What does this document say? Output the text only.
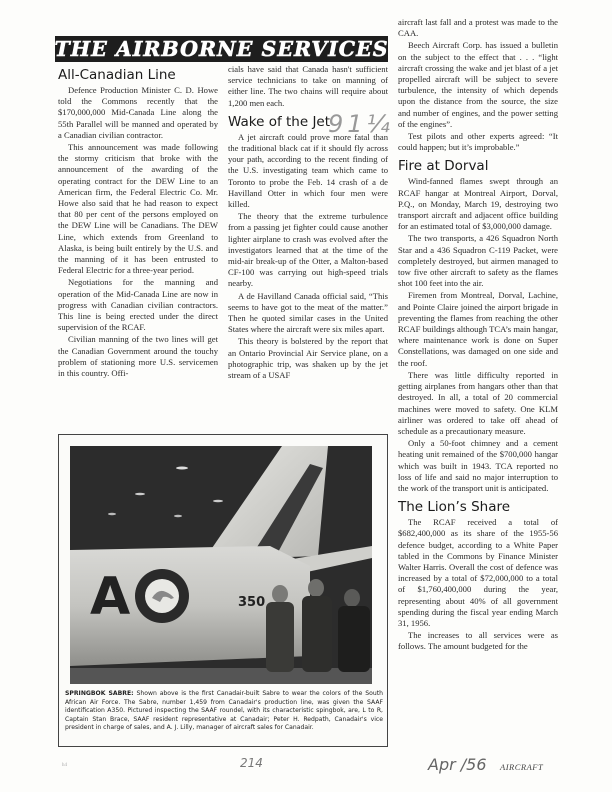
THE AIRBORNE SERVICES
All-Canadian Line

Defence Production Minister C. D. Howe told the Commons recently that the $170,000,000 Mid-Canada Line along the 55th Parallel will be manned and operated by a Canadian civilian contractor.

This announcement was made following the stormy criticism that broke with the announcement of the awarding of the operating contract for the DEW Line to an American firm, the Federal Electric Co. Mr. Howe also said that he had reason to expect that 80 per cent of the persons employed on the DEW Line will be Canadians. The DEW Line, which extends from Greenland to Alaska, is being built entirely by the U.S. and the manning of it has been entrusted to Federal Electric for a three-year period.

Negotiations for the manning and operation of the Mid-Canada Line are now in progress with Canadian civilian contractors. This line is being erected under the direct supervision of the RCAF.

Civilian manning of the two lines will get the Canadian Government around the touchy problem of stationing more U.S. servicemen in this country. Offi-

cials have said that Canada hasn't sufficient service technicians to take on manning of either line. The two chains will require about 1,200 men each.

Wake of the Jet

A jet aircraft could prove more fatal than the traditional black cat if it should fly across your path, according to the recent finding of the U.S. investigating team which came to Toronto to probe the Feb. 14 crash of a de Havilland Otter in which four men were killed.

The theory that the extreme turbulence from a passing jet fighter could cause another lighter airplane to crash was evolved after the investigators learned that at the time of the mid-air break-up of the Otter, a Malton-based CF-100 was carrying out high-speed trials nearby.

A de Havilland Canada official said, “This seems to have got to the meat of the matter.” Then he quoted similar cases in the United States where the aircraft were six miles apart.

This theory is bolstered by the report that an Ontario Provincial Air Service plane, on a photographic trip, was shaken up by the jet stream of a USAF

aircraft last fall and a protest was made to the CAA.

Beech Aircraft Corp. has issued a bulletin on the subject to the effect that . . . “light aircraft crossing the wake and jet blast of a jet propelled aircraft will be subject to severe turbulence, the intensity of which depends upon the distance from the source, the size and number of engines, and the power setting of the engines”.

Test pilots and other experts agreed: “It could happen; but it’s improbable.”

Fire at Dorval

Wind-fanned flames swept through an RCAF hangar at Montreal Airport, Dorval, P.Q., on Monday, March 19, destroying two transport aircraft and adjacent office building for an estimated total of $3,000,000 damage.

The two transports, a 426 Squadron North Star and a 436 Squadron C-119 Packet, were completely destroyed, but airmen managed to tow five other aircraft to safety as the flames shot 100 feet into the air.

Firemen from Montreal, Dorval, Lachine, and Pointe Claire joined the airport brigade in preventing the flames from reaching the other RCAF buildings although TCA’s main hangar, where maintenance work is done on Super Constellations, was damaged on one side and the roof.

There was little difficulty reported in getting airplanes from hangars other than that destroyed. In all, a total of 20 commercial machines were moved to safety. One KLM airliner was ordered to take off ahead of schedule as a precautionary measure.

Only a 50-foot chimney and a cement heating unit remained of the $700,000 hangar which was built in 1943. TCA reported no loss of life and said no major interruption to the work of the transport unit is anticipated.

The Lion’s Share

The RCAF received a total of $682,400,000 as its share of the 1955-56 defence budget, according to a White Paper tabled in the Commons by Finance Minister Walter Harris. Overall the cost of defence was increased by a total of $72,000,000 to a total of $1,760,400,000 during the year, representing about 40% of all government spending during the fiscal year ending March 31, 1956.

The increases to all services were as follows. The amount budgeted for the

A	350
SPRINGBOK SABRE: Shown above is the first Canadair-built Sabre to wear the colors of the South African Air Force. The Sabre, number 1,459 from Canadair's production line, was given the SAAF identification A350. Pictured inspecting the SAAF roundel, with its characteristic spingbok, are, L to R, Captain Stan Brace, SAAF resident representative at Canadair; Peter H. Redpath, Canadair's vice president in charge of sales, and A. J. Lilly, manager of aircraft sales for Canadair.
91¼
214	Apr /56
h4	AIRCRAFT
